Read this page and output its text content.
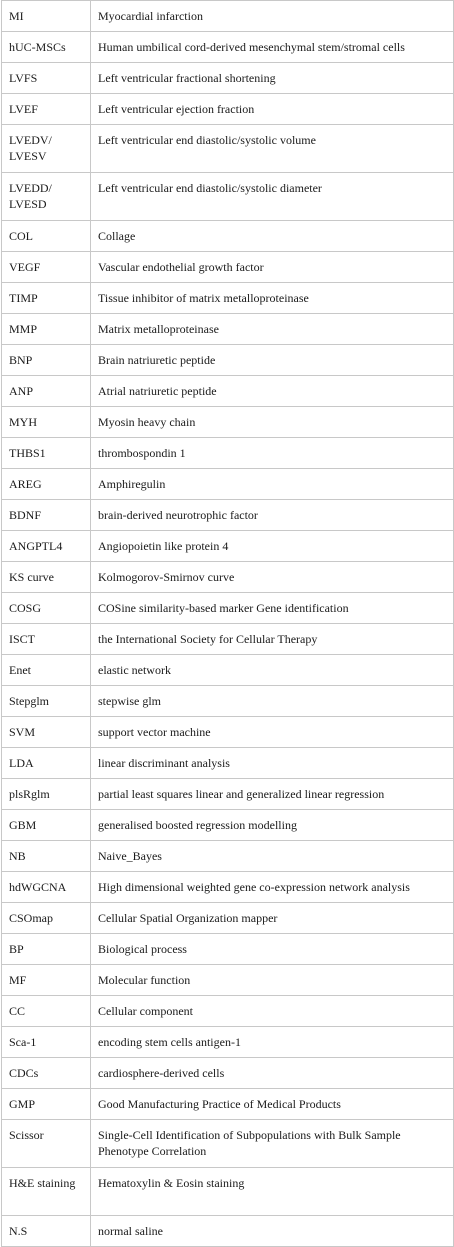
MI	Myocardial infarction
hUC-MSCs	Human umbilical cord-derived mesenchymal stem/stromal cells
LVFS	Left ventricular fractional shortening
LVEF	Left ventricular ejection fraction
LVEDV/ LVESV	Left ventricular end diastolic/systolic volume
LVEDD/ LVESD	Left ventricular end diastolic/systolic diameter
COL	Collage
VEGF	Vascular endothelial growth factor
TIMP	Tissue inhibitor of matrix metalloproteinase
MMP	Matrix metalloproteinase
BNP	Brain natriuretic peptide
ANP	Atrial natriuretic peptide
MYH	Myosin heavy chain
THBS1	thrombospondin 1
AREG	Amphiregulin
BDNF	brain-derived neurotrophic factor
ANGPTL4	Angiopoietin like protein 4
KS curve	Kolmogorov-Smirnov curve
COSG	COSine similarity-based marker Gene identification
ISCT	the International Society for Cellular Therapy
Enet	elastic network
Stepglm	stepwise glm
SVM	support vector machine
LDA	linear discriminant analysis
plsRglm	partial least squares linear and generalized linear regression
GBM	generalised boosted regression modelling
NB	Naive_Bayes
hdWGCNA	High dimensional weighted gene co-expression network analysis
CSOmap	Cellular Spatial Organization mapper
BP	Biological process
MF	Molecular function
CC	Cellular component
Sca-1	encoding stem cells antigen-1
CDCs	cardiosphere-derived cells
GMP	Good Manufacturing Practice of Medical Products
Scissor	Single-Cell Identification of Subpopulations with Bulk Sample Phenotype Correlation
H&E staining	Hematoxylin & Eosin staining
N.S	normal saline
